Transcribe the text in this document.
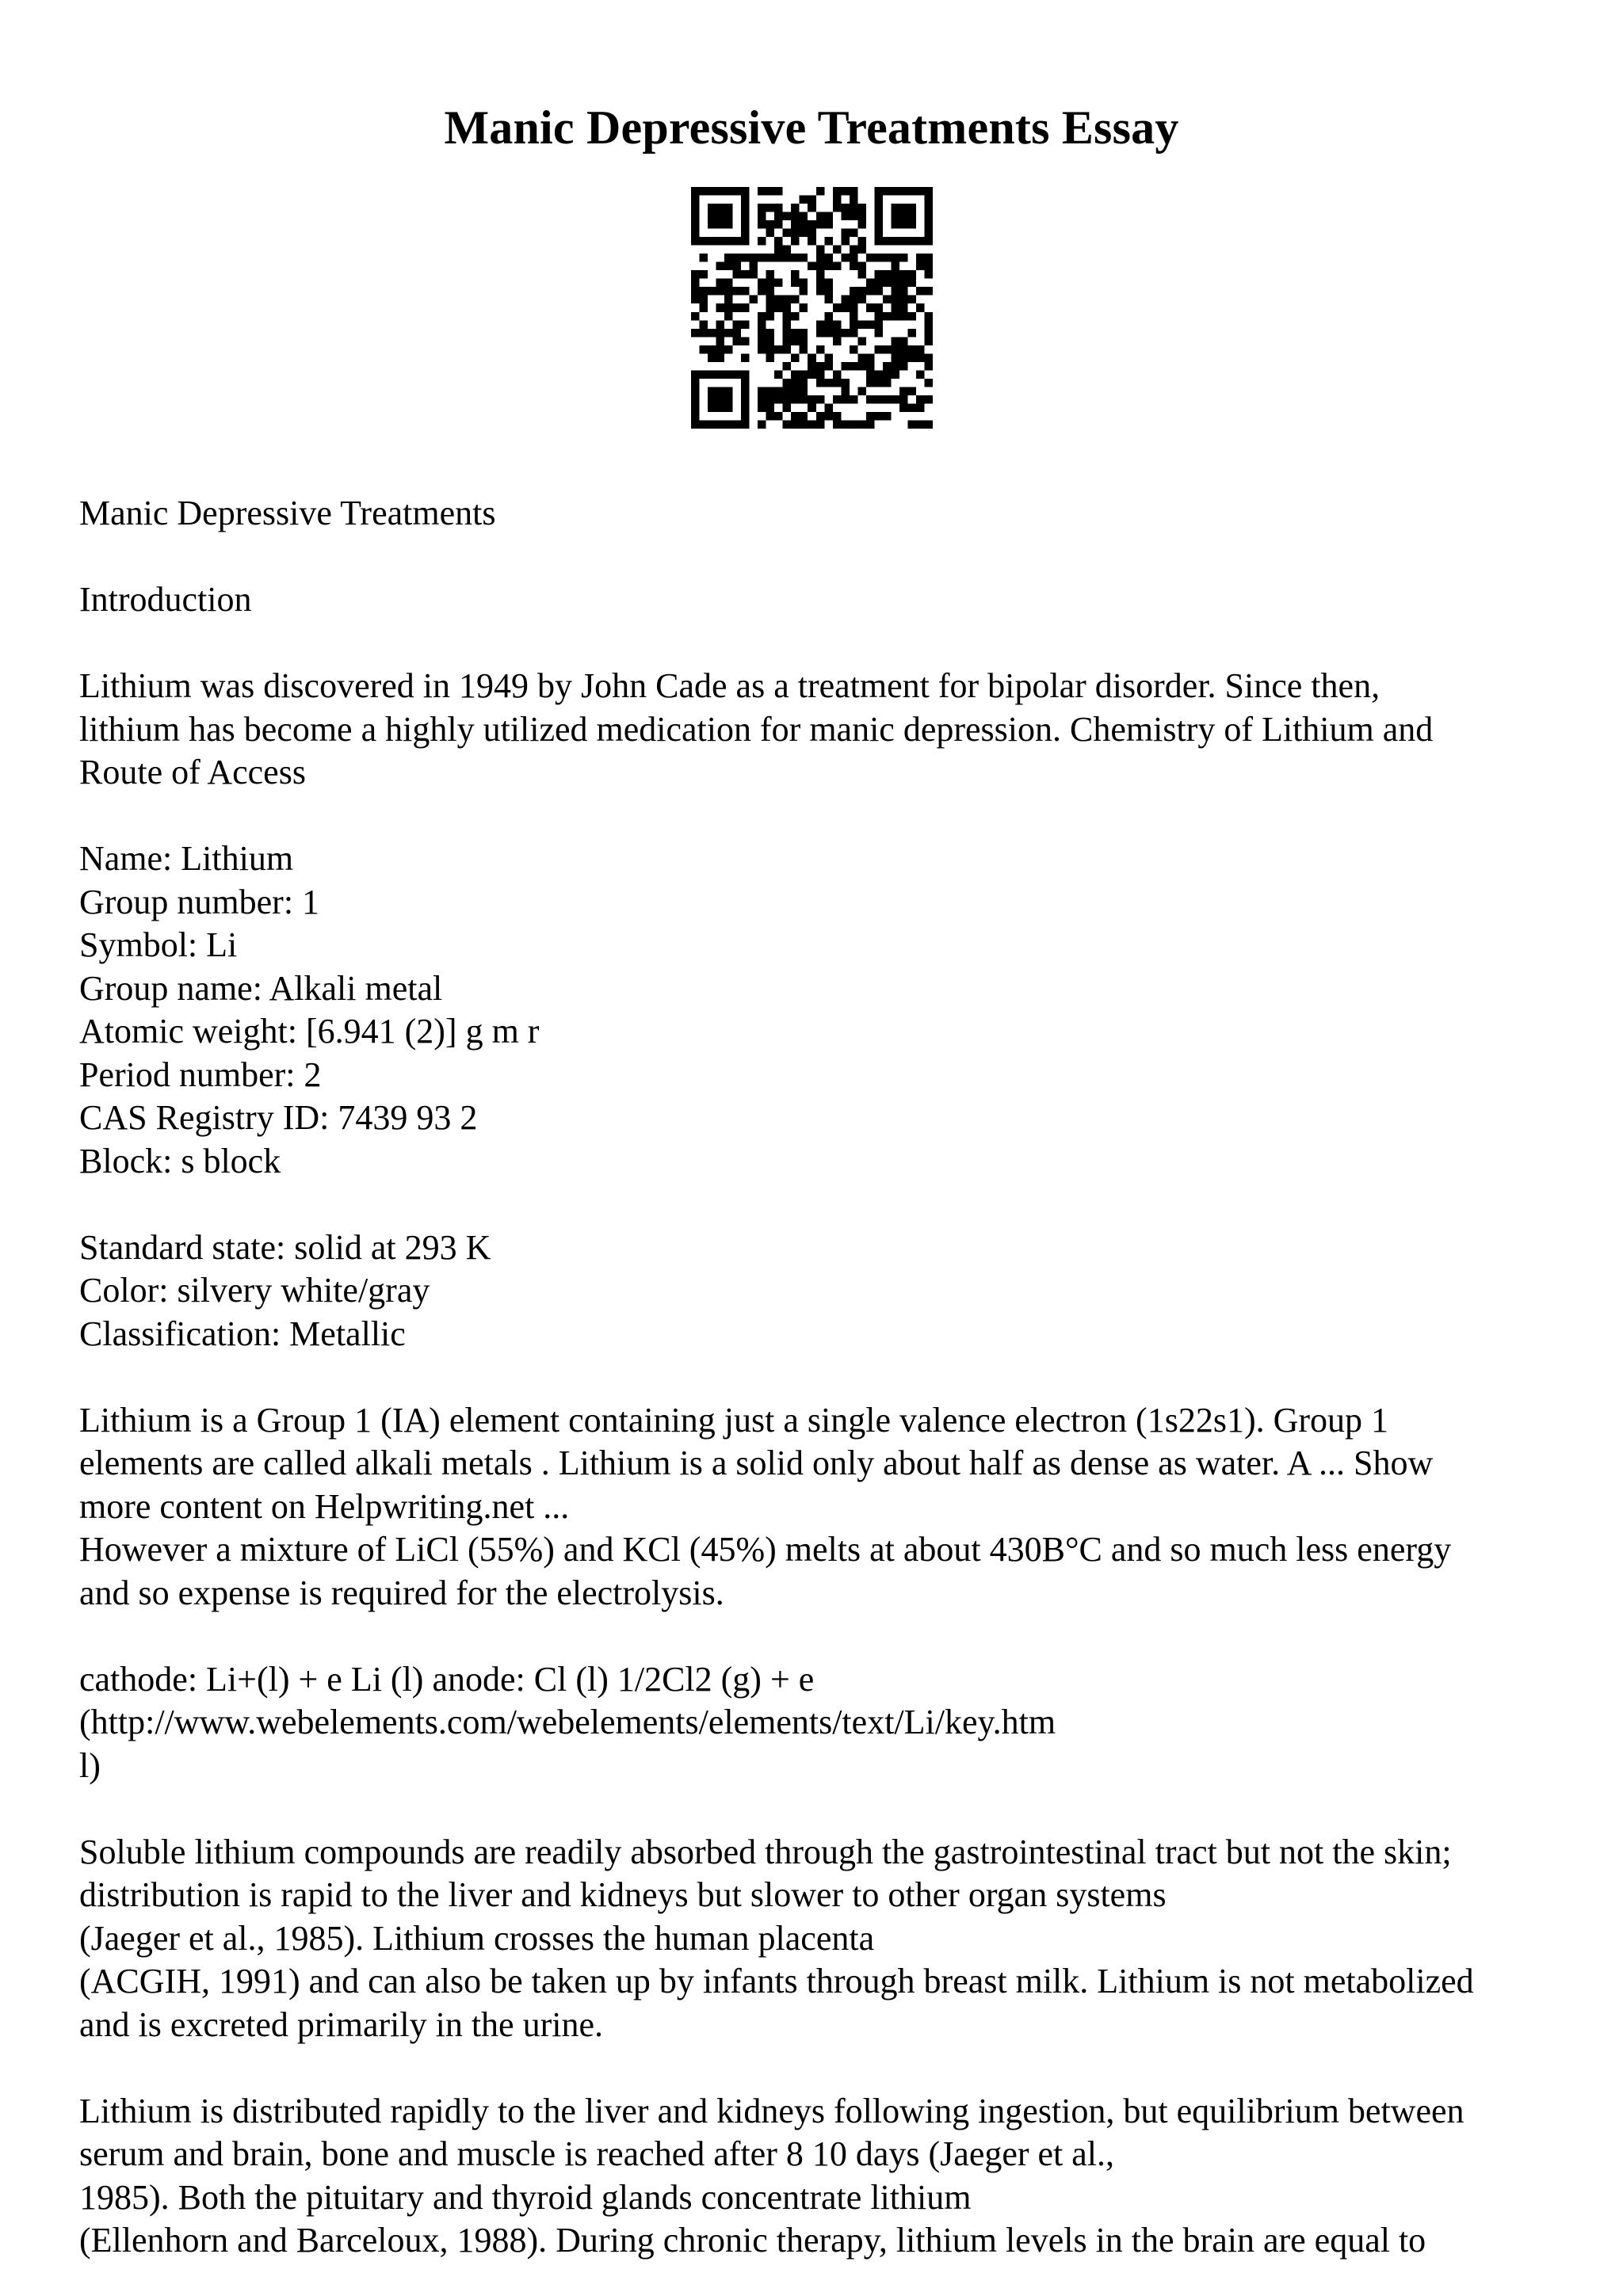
Manic Depressive Treatments Essay

Manic Depressive Treatments

Introduction

Lithium was discovered in 1949 by John Cade as a treatment for bipolar disorder. Since then,
lithium has become a highly utilized medication for manic depression. Chemistry of Lithium and
Route of Access

Name: Lithium
Group number: 1
Symbol: Li
Group name: Alkali metal
Atomic weight: [6.941 (2)] g m r
Period number: 2
CAS Registry ID: 7439 93 2
Block: s block

Standard state: solid at 293 K
Color: silvery white/gray
Classification: Metallic

Lithium is a Group 1 (IA) element containing just a single valence electron (1s22s1). Group 1
elements are called alkali metals . Lithium is a solid only about half as dense as water. A ... Show
more content on Helpwriting.net ...
However a mixture of LiCl (55%) and KCl (45%) melts at about 430B°C and so much less energy
and so expense is required for the electrolysis.

cathode: Li+(l) + e Li (l) anode: Cl (l) 1/2Cl2 (g) + e
(http://www.webelements.com/webelements/elements/text/Li/key.htm
l)

Soluble lithium compounds are readily absorbed through the gastrointestinal tract but not the skin;
distribution is rapid to the liver and kidneys but slower to other organ systems
(Jaeger et al., 1985). Lithium crosses the human placenta
(ACGIH, 1991) and can also be taken up by infants through breast milk. Lithium is not metabolized
and is excreted primarily in the urine.

Lithium is distributed rapidly to the liver and kidneys following ingestion, but equilibrium between
serum and brain, bone and muscle is reached after 8 10 days (Jaeger et al.,
1985). Both the pituitary and thyroid glands concentrate lithium
(Ellenhorn and Barceloux, 1988). During chronic therapy, lithium levels in the brain are equal to
